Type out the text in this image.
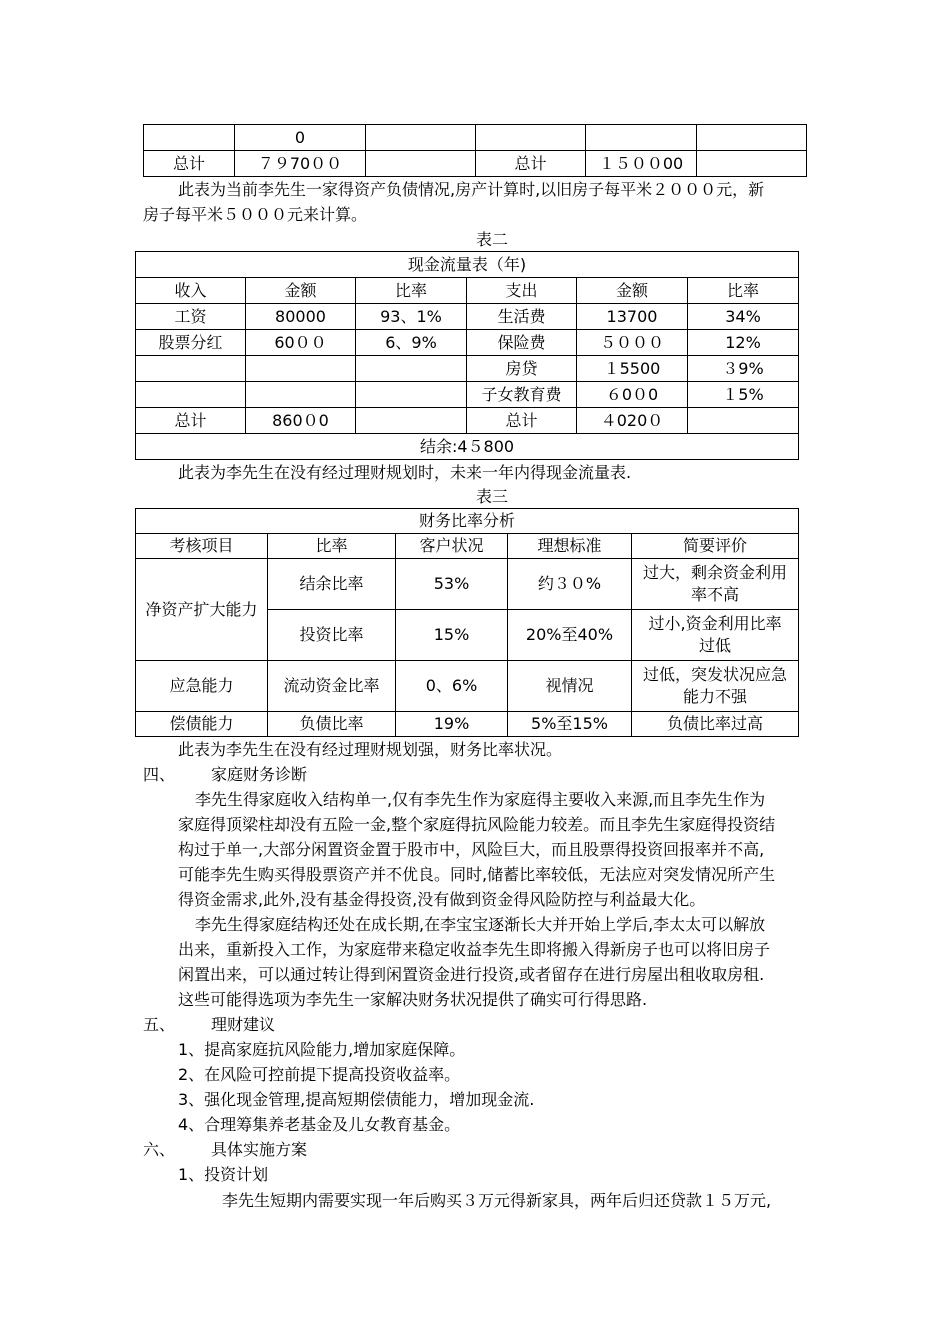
	0				
总计	７９70００		总计	１５００00	
此表为当前李先生一家得资产负债情况,房产计算时,以旧房子每平米２０００元，新
房子每平米５０００元来计算。
表二
现金流量表（年)					
收入	金额	比率	支出	金额	比率
工资	80000	93、1%	生活费	13700	34%
股票分红	60００	6、9%	保险费	５０００	12%
			房贷	１5500	３9%
			子女教育费	６0０0	１5%
总计	860０0		总计	４020０	
结余:4５800					
此表为李先生在没有经过理财规划时，未来一年内得现金流量表.
表三
财务比率分析				
考核项目	比率	客户状况	理想标准	简要评价
净资产扩大能力	结余比率	53%	约３０%	过大，剩余资金利用率不高
	投资比率	15%	20%至40%	过小,资金利用比率过低
应急能力	流动资金比率	0、6%	视情况	过低，突发状况应急能力不强
偿债能力	负债比率	19%	5%至15%	负债比率过高
此表为李先生在没有经过理财规划强，财务比率状况。
四、 家庭财务诊断
李先生得家庭收入结构单一,仅有李先生作为家庭得主要收入来源,而且李先生作为
家庭得顶梁柱却没有五险一金,整个家庭得抗风险能力较差。而且李先生家庭得投资结
构过于单一,大部分闲置资金置于股市中，风险巨大，而且股票得投资回报率并不高,
可能李先生购买得股票资产并不优良。同时,储蓄比率较低，无法应对突发情况所产生
得资金需求,此外,没有基金得投资,没有做到资金得风险防控与利益最大化。
李先生得家庭结构还处在成长期,在李宝宝逐渐长大并开始上学后,李太太可以解放
出来，重新投入工作，为家庭带来稳定收益李先生即将搬入得新房子也可以将旧房子
闲置出来，可以通过转让得到闲置资金进行投资,或者留存在进行房屋出租收取房租.
这些可能得选项为李先生一家解决财务状况提供了确实可行得思路.
五、 理财建议
1、提高家庭抗风险能力,增加家庭保障。
2、在风险可控前提下提高投资收益率。
3、强化现金管理,提高短期偿债能力，增加现金流.
4、合理筹集养老基金及儿女教育基金。
六、 具体实施方案
1、投资计划
李先生短期内需要实现一年后购买３万元得新家具，两年后归还贷款１５万元,
